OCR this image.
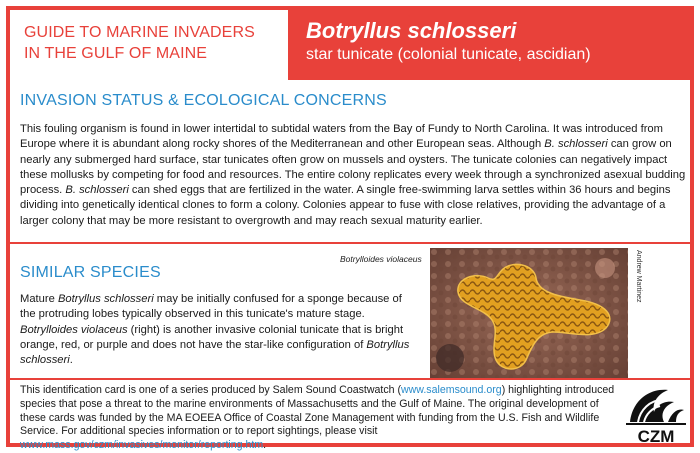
GUIDE TO MARINE INVADERS
IN THE GULF OF MAINE
Botryllus schlosseri
star tunicate (colonial tunicate, ascidian)
INVASION STATUS & ECOLOGICAL CONCERNS
This fouling organism is found in lower intertidal to subtidal waters from the Bay of Fundy to North Carolina. It was introduced from Europe where it is abundant along rocky shores of the Mediterranean and other European seas. Although B. schlosseri can grow on nearly any submerged hard surface, star tunicates often grow on mussels and oysters. The tunicate colonies can negatively impact these mollusks by competing for food and resources. The entire colony replicates every week through a synchronized asexual budding process. B. schlosseri can shed eggs that are fertilized in the water. A single free-swimming larva settles within 36 hours and begins dividing into genetically identical clones to form a colony. Colonies appear to fuse with close relatives, providing the advantage of a larger colony that may be more resistant to overgrowth and may reach sexual maturity earlier.
SIMILAR SPECIES
Mature Botryllus schlosseri may be initially confused for a sponge because of the protruding lobes typically observed in this tunicate's mature stage. Botrylloides violaceus (right) is another invasive colonial tunicate that is bright orange, red, or purple and does not have the star-like configuration of Botryllus schlosseri.
Botrylloides violaceus	Andrew Martinez
This identification card is one of a series produced by Salem Sound Coastwatch (www.salemsound.org) highlighting introduced species that pose a threat to the marine environments of Massachusetts and the Gulf of Maine. The original development of these cards was funded by the MA EOEEA Office of Coastal Zone Management with funding from the U.S. Fish and Wildlife Service. For additional species information or to report sightings, please visit www.mass.gov/czm/invasives/monitor/reporting.htm.	CZM
